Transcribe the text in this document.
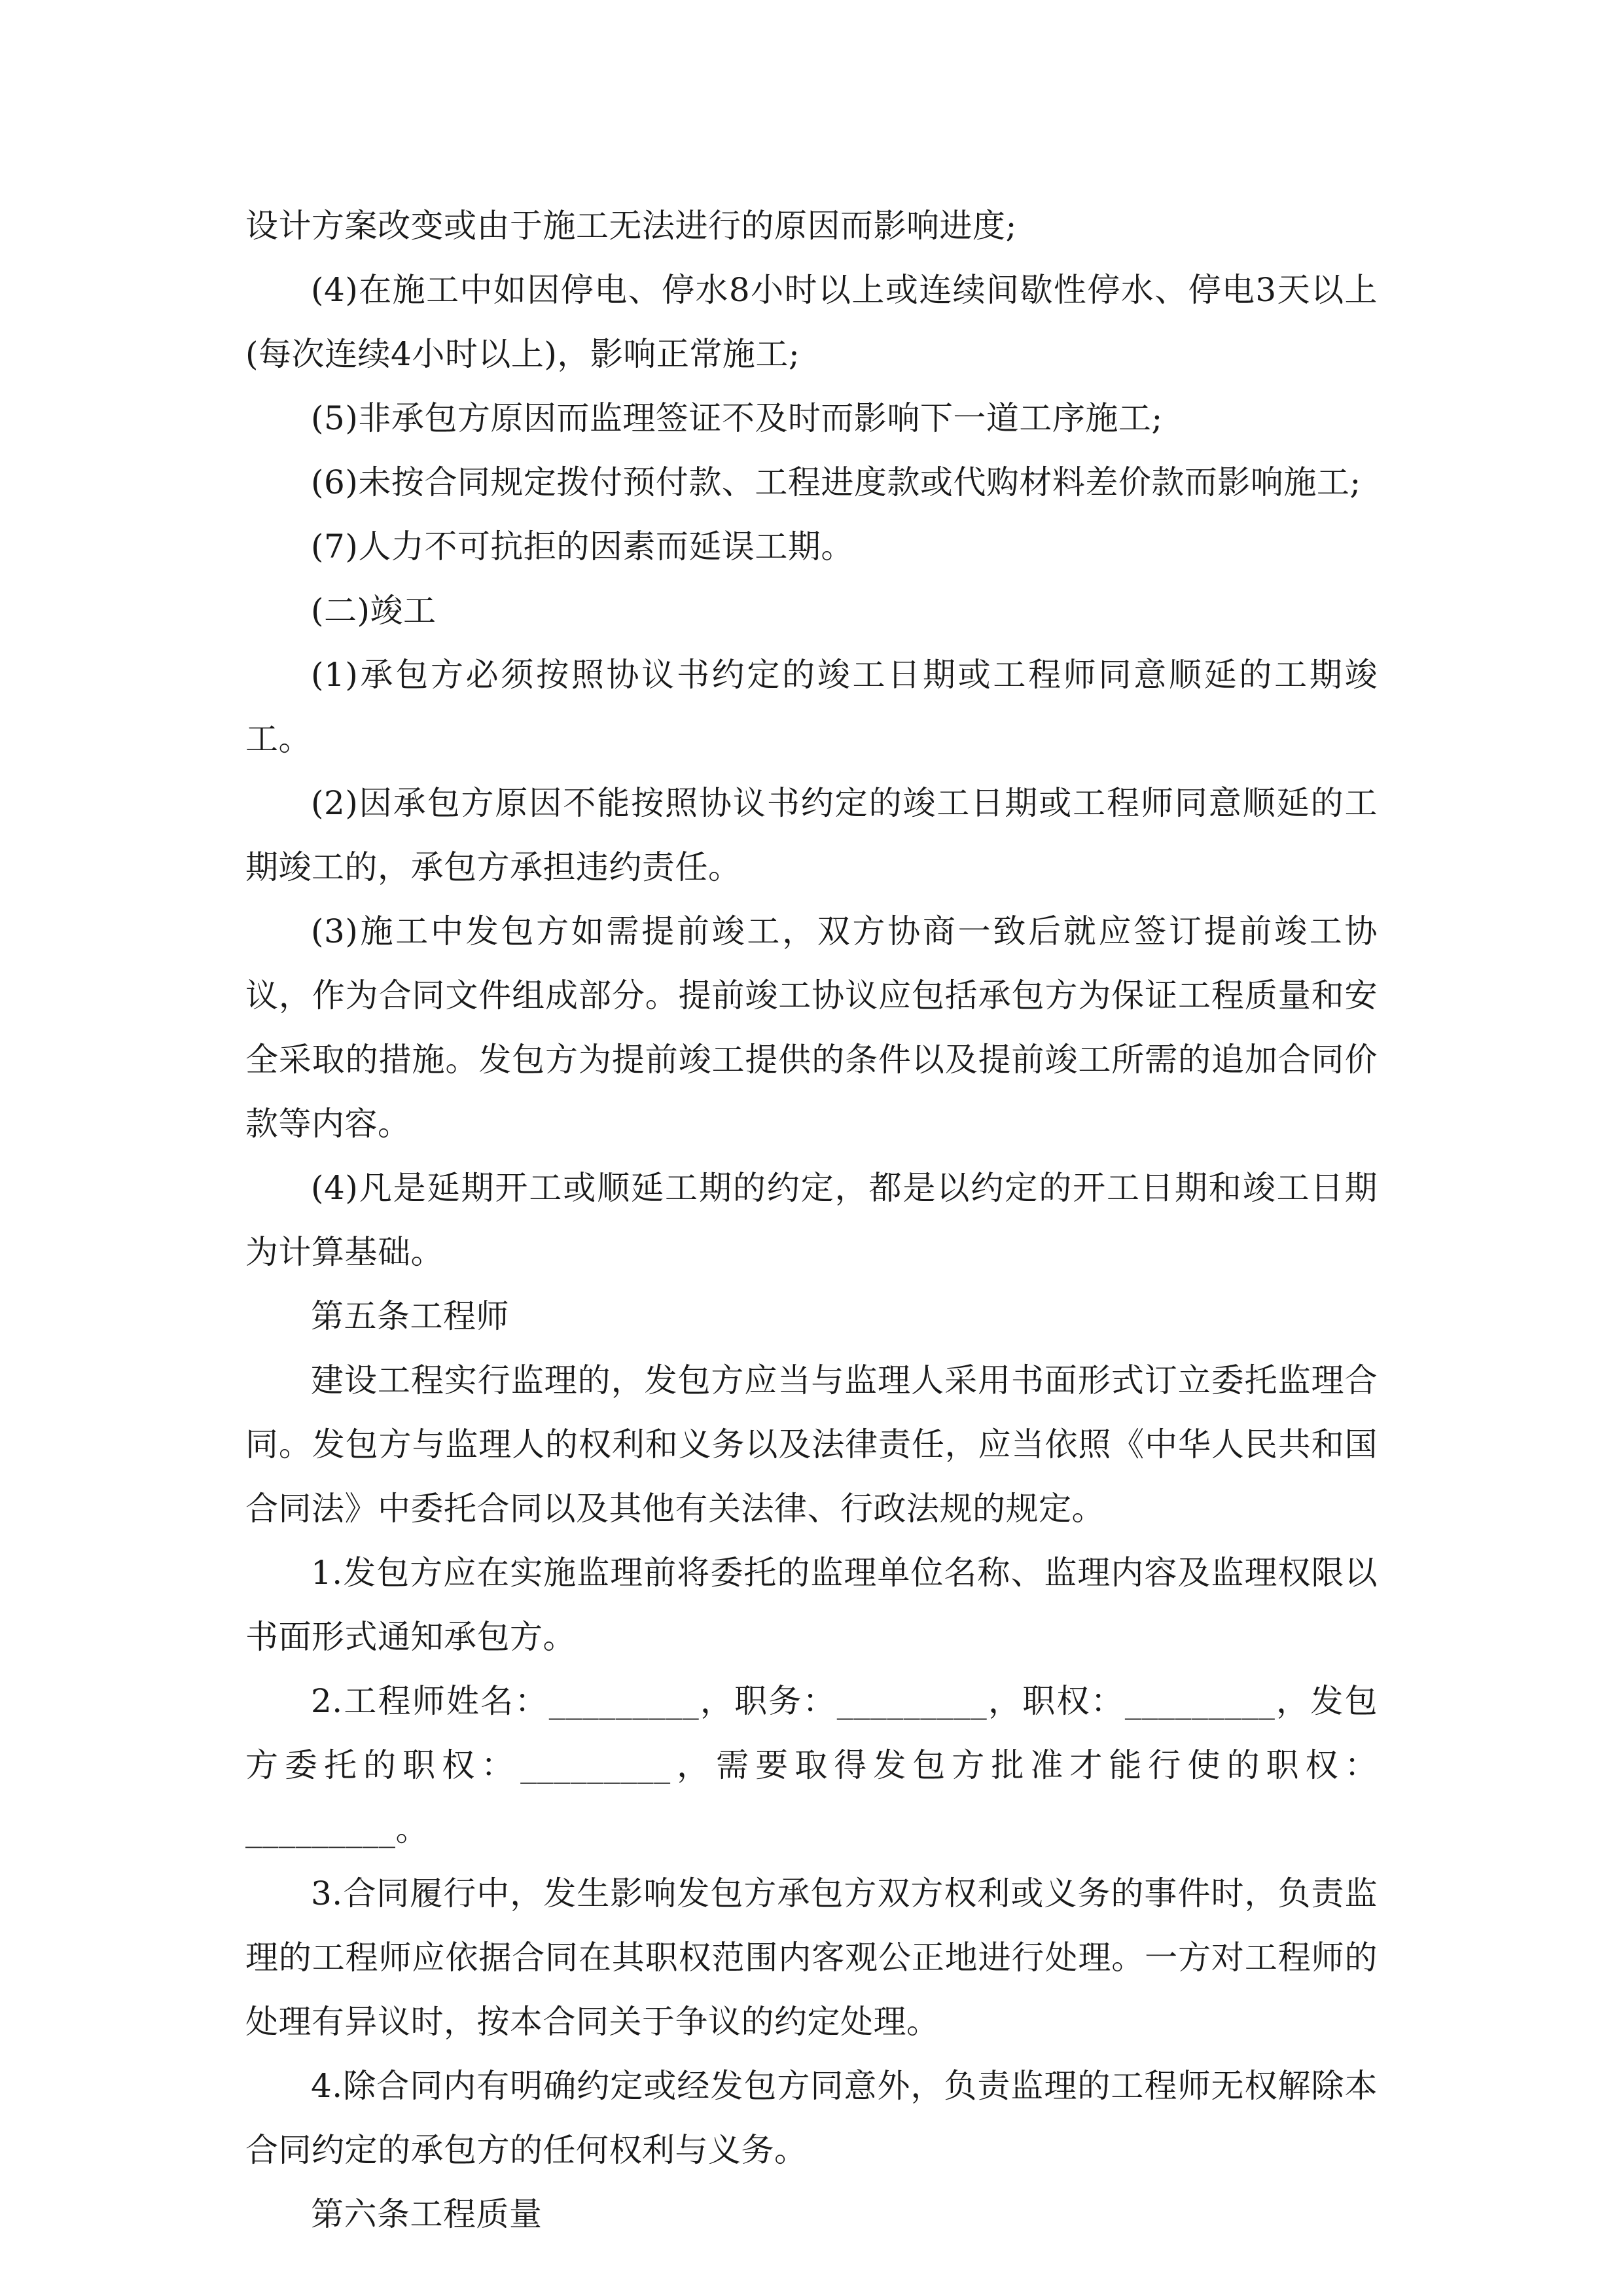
设计方案改变或由于施工无法进行的原因而影响进度;

(4)在施工中如因停电、停水8小时以上或连续间歇性停水、停电3天以上(每次连续4小时以上)，影响正常施工;

(5)非承包方原因而监理签证不及时而影响下一道工序施工;

(6)未按合同规定拨付预付款、工程进度款或代购材料差价款而影响施工;

(7)人力不可抗拒的因素而延误工期。

(二)竣工

(1)承包方必须按照协议书约定的竣工日期或工程师同意顺延的工期竣工。

(2)因承包方原因不能按照协议书约定的竣工日期或工程师同意顺延的工期竣工的，承包方承担违约责任。

(3)施工中发包方如需提前竣工，双方协商一致后就应签订提前竣工协议，作为合同文件组成部分。提前竣工协议应包括承包方为保证工程质量和安全采取的措施。发包方为提前竣工提供的条件以及提前竣工所需的追加合同价款等内容。

(4)凡是延期开工或顺延工期的约定，都是以约定的开工日期和竣工日期为计算基础。

第五条工程师

建设工程实行监理的，发包方应当与监理人采用书面形式订立委托监理合同。发包方与监理人的权利和义务以及法律责任，应当依照《中华人民共和国合同法》中委托合同以及其他有关法律、行政法规的规定。

1.发包方应在实施监理前将委托的监理单位名称、监理内容及监理权限以书面形式通知承包方。

2.工程师姓名：_________，职务：_________，职权：_________，发包方委托的职权：_________，需要取得发包方批准才能行使的职权：_________。

3.合同履行中，发生影响发包方承包方双方权利或义务的事件时，负责监理的工程师应依据合同在其职权范围内客观公正地进行处理。一方对工程师的处理有异议时，按本合同关于争议的约定处理。

4.除合同内有明确约定或经发包方同意外，负责监理的工程师无权解除本合同约定的承包方的任何权利与义务。

第六条工程质量
